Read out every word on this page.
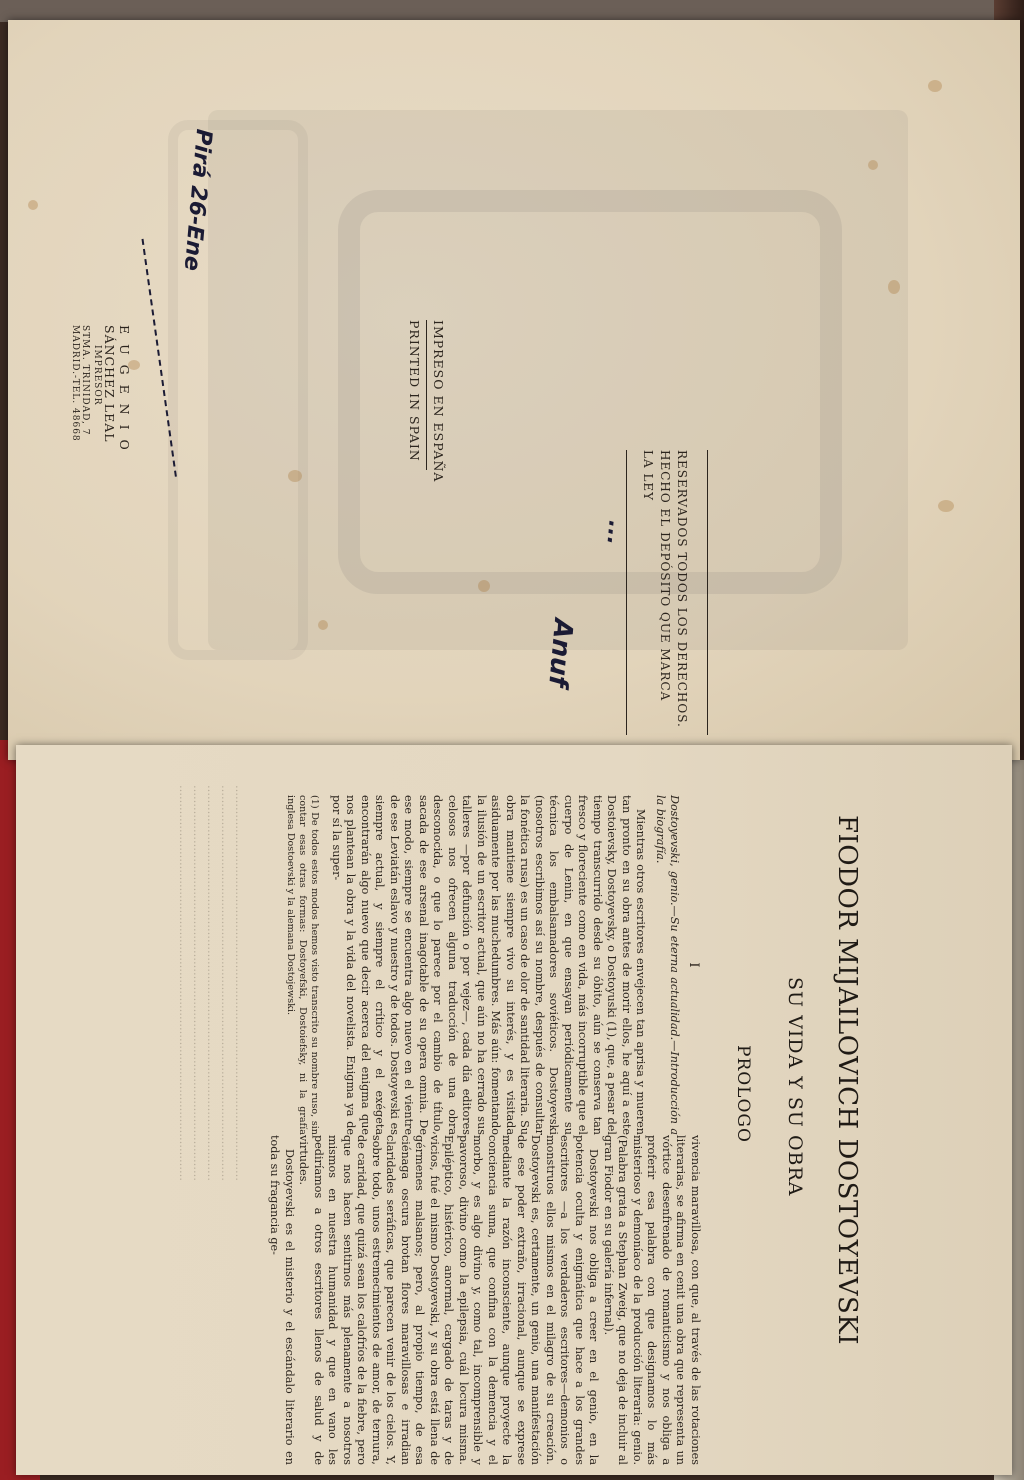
RESERVADOS TODOS LOS DERECHOS.
HECHO EL DEPÓSITO QUE MARCA
LA LEY
IMPRESO EN ESPAÑA
PRINTED IN SPAIN
E U G E N I O
SÁNCHEZ LEAL
IMPRESOR
STMA. TRINIDAD, 7
MADRID.-TEL. 48668
Pirá 26-Ene
Anuf
···
………………………………………………………………………………………………
………………………………………………………………………………………………
………………………………………………………………………………………………
………………………………………………………………………………………………
………………………………………………………………………………………………	FIODOR MIJAILOVICH DOSTOYEVSKI
SU VIDA Y SU OBRA
PROLOGO
I

Dostoyevski, genio.—Su eterna actualidad.—Introducción a la biografía.

Mientras otros escritores envejecen tan aprisa y mueren tan pronto en su obra antes de morir ellos, he aquí a este Dostoievsky, Dostoyevsky, o Dostoyuski (1), que, a pesar del tiempo transcurrido desde su óbito, aún se conserva tan fresco y floreciente como en vida, más incorruptible que el cuerpo de Lenin, en que ensayan periódicamente su técnica los embalsamadores soviéticos. Dostoyevski (nosotros escribimos así su nombre, después de consultar la fonética rusa) es un caso de olor de santidad literaria. Su obra mantiene siempre vivo su interés, y es visitada asiduamente por las muchedumbres. Más aún: fomentando la ilusión de un escritor actual, que aún no ha cerrado sus talleres —por defunción o por vejez—, cada día editores celosos nos ofrecen alguna traducción de una obra desconocida, o que lo parece por el cambio de título, sacada de ese arsenal inagotable de su opera omnia. De ese modo, siempre se encuentra algo nuevo en el vientre de ese Leviatán eslavo y nuestro y de todos. Dostoyevski es siempre actual, y siempre el crítico y el exégeta encontrarán algo nuevo que decir acerca del enigma que nos plantean la obra y la vida del novelista. Enigma ya de por sí la super-

(1) De todos estos modos hemos visto transcrito su nombre ruso, sin contar esas otras formas: Dostoyefski, Dostoiefsky, ni la grafía inglesa Dostoevski y la alemana Dostojewski.

vivencia maravillosa, con que, al través de las rotaciones literarias, se afirma en cenit una obra que representa un vórtice desenfrenado de romanticismo y nos obliga a proferir esa palabra con que designamos lo más misterioso y demoníaco de la producción literaria: genio. (Palabra grata a Stephan Zweig, que no deja de incluir al gran Fiodor en su galería infernal).

Dostoyevski nos obliga a creer en el genio, en la potencia oculta y enigmática que hace a los grandes escritores —a los verdaderos escritores—demonios o monstruos ellos mismos en el milagro de su creación. Dostoyevski es, certamente, un genio, una manifestación de ese poder extraño, irracional, aunque se exprese mediante la razón inconsciente, aunque proyecte la conciencia suma, que confina con la demencia y el morbo, y es algo divino y, como tal, incomprensible y pavoroso, divino como la epilepsia, cuál locura misma. Epiléptico, histérico, anormal, cargado de taras y de vicios, fué el mismo Dostoyevski, y su obra está llena de gérmenes malsanos; pero, al propio tiempo, de esa ciénaga oscura brotan flores maravillosas e irradian claridades seráficas, que parecen venir de los cielos. Y, sobre todo, unos estremecimientos de amor, de ternura, de caridad, que quizá sean los calofríos de la fiebre, pero que nos hacen sentirnos más plenamente a nosotros mismos en nuestra humanidad y que en vano les pediríamos a otros escritores llenos de salud y de virtudes.

Dostoyevski es el misterio y el escándalo literario en toda su fragancia ge-
